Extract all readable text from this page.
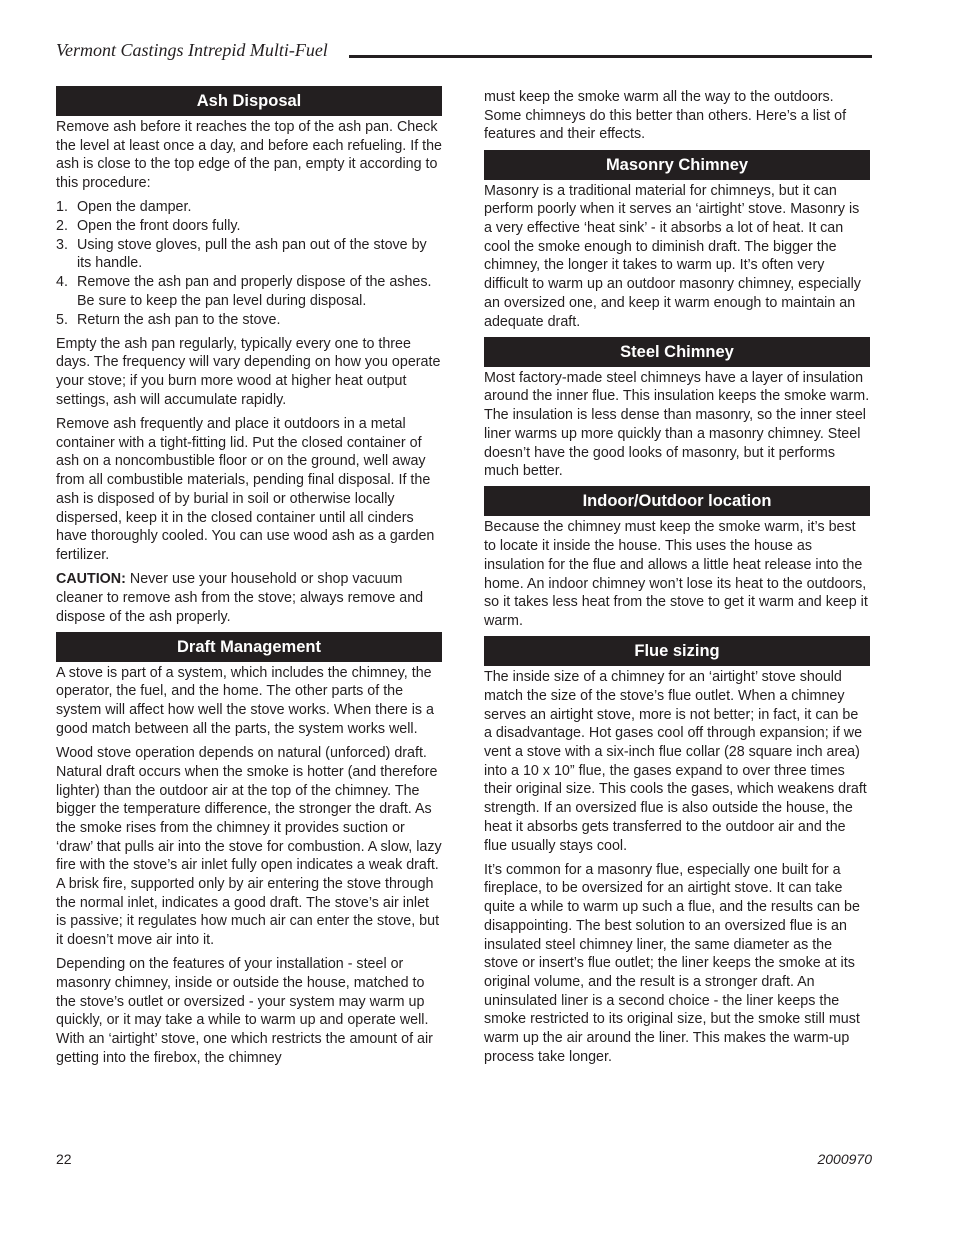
Vermont Castings Intrepid Multi-Fuel
Ash Disposal

Remove ash before it reaches the top of the ash pan. Check the level at least once a day, and before each refueling. If the ash is close to the top edge of the pan, empty it according to this procedure:

1. Open the damper.
2. Open the front doors fully.
3. Using stove gloves, pull the ash pan out of the stove by its handle.
4. Remove the ash pan and properly dispose of the ashes. Be sure to keep the pan level during disposal.
5. Return the ash pan to the stove.

Empty the ash pan regularly, typically every one to three days. The frequency will vary depending on how you operate your stove; if you burn more wood at higher heat output settings, ash will accumulate rapidly.

Remove ash frequently and place it outdoors in a metal container with a tight-fitting lid. Put the closed container of ash on a noncombustible floor or on the ground, well away from all combustible materials, pending final disposal. If the ash is disposed of by burial in soil or otherwise locally dispersed, keep it in the closed container until all cinders have thoroughly cooled. You can use wood ash as a garden fertilizer.

CAUTION: Never use your household or shop vacuum cleaner to remove ash from the stove; always remove and dispose of the ash properly.

Draft Management

A stove is part of a system, which includes the chimney, the operator, the fuel, and the home. The other parts of the system will affect how well the stove works. When there is a good match between all the parts, the system works well.

Wood stove operation depends on natural (unforced) draft. Natural draft occurs when the smoke is hotter (and therefore lighter) than the outdoor air at the top of the chimney. The bigger the temperature difference, the stronger the draft. As the smoke rises from the chimney it provides suction or ‘draw’ that pulls air into the stove for combustion. A slow, lazy fire with the stove’s air inlet fully open indicates a weak draft. A brisk fire, supported only by air entering the stove through the normal inlet, indicates a good draft. The stove’s air inlet is passive; it regulates how much air can enter the stove, but it doesn’t move air into it.

Depending on the features of your installation - steel or masonry chimney, inside or outside the house, matched to the stove’s outlet or oversized - your system may warm up quickly, or it may take a while to warm up and operate well. With an ‘airtight’ stove, one which restricts the amount of air getting into the firebox, the chimney

must keep the smoke warm all the way to the outdoors. Some chimneys do this better than others. Here’s a list of features and their effects.

Masonry Chimney

Masonry is a traditional material for chimneys, but it can perform poorly when it serves an ‘airtight’ stove. Masonry is a very effective ‘heat sink’ - it absorbs a lot of heat. It can cool the smoke enough to diminish draft. The bigger the chimney, the longer it takes to warm up. It’s often very difficult to warm up an outdoor masonry chimney, especially an oversized one, and keep it warm enough to maintain an adequate draft.

Steel Chimney

Most factory-made steel chimneys have a layer of insulation around the inner flue. This insulation keeps the smoke warm. The insulation is less dense than masonry, so the inner steel liner warms up more quickly than a masonry chimney. Steel doesn’t have the good looks of masonry, but it performs much better.

Indoor/Outdoor location

Because the chimney must keep the smoke warm, it’s best to locate it inside the house. This uses the house as insulation for the flue and allows a little heat release into the home. An indoor chimney won’t lose its heat to the outdoors, so it takes less heat from the stove to get it warm and keep it warm.

Flue sizing

The inside size of a chimney for an ‘airtight’ stove should match the size of the stove’s flue outlet. When a chimney serves an airtight stove, more is not better; in fact, it can be a disadvantage. Hot gases cool off through expansion; if we vent a stove with a six-inch flue collar (28 square inch area) into a 10 x 10” flue, the gases expand to over three times their original size. This cools the gases, which weakens draft strength. If an oversized flue is also outside the house, the heat it absorbs gets transferred to the outdoor air and the flue usually stays cool.

It’s common for a masonry flue, especially one built for a fireplace, to be oversized for an airtight stove. It can take quite a while to warm up such a flue, and the results can be disappointing. The best solution to an oversized flue is an insulated steel chimney liner, the same diameter as the stove or insert’s flue outlet; the liner keeps the smoke at its original volume, and the result is a stronger draft. An uninsulated liner is a second choice - the liner keeps the smoke restricted to its original size, but the smoke still must warm up the air around the liner. This makes the warm-up process take longer.

22	2000970
